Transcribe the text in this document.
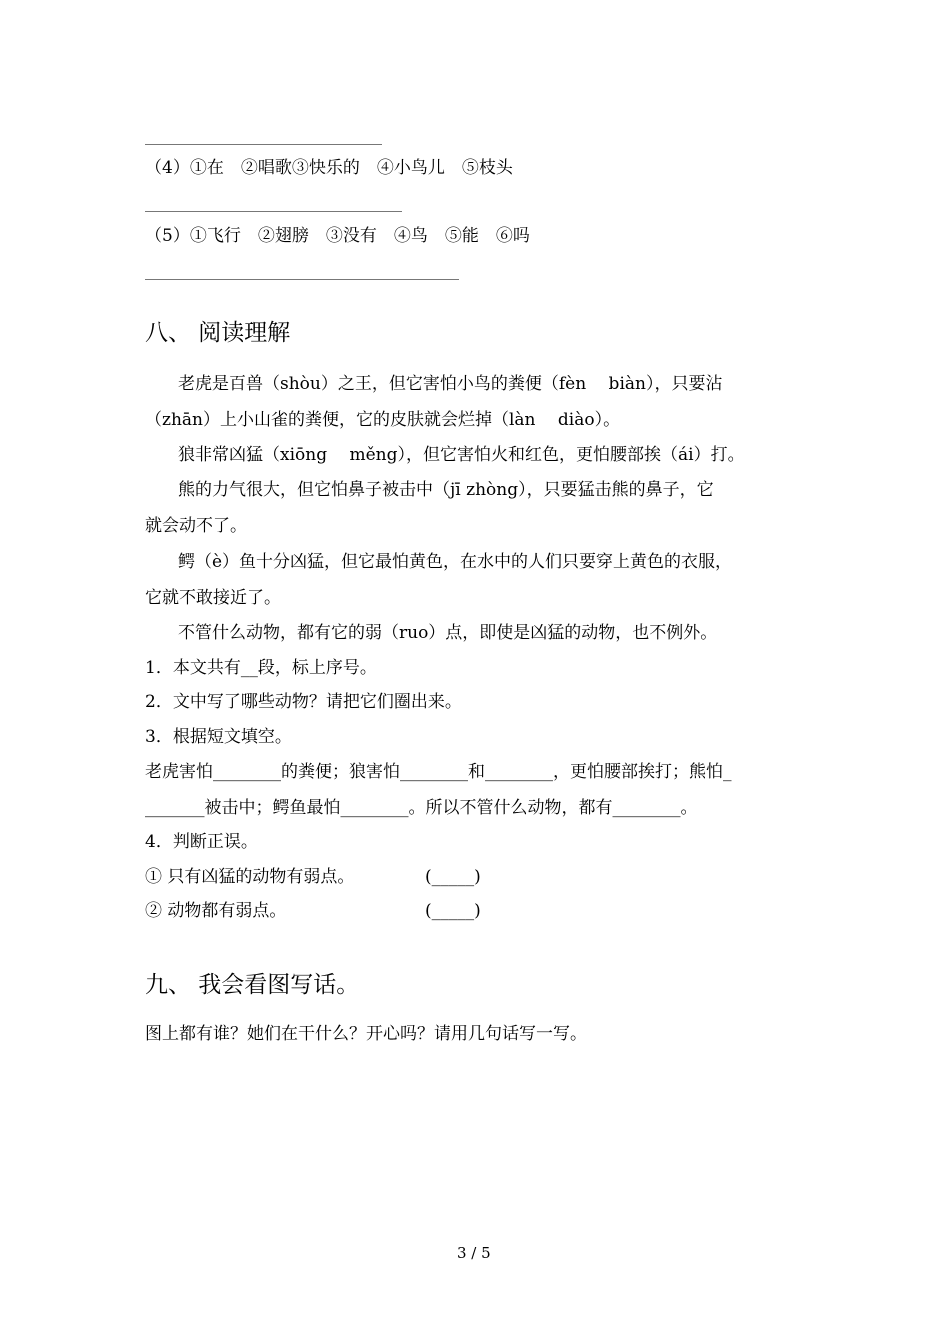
（4）①在　②唱歌③快乐的　④小鸟儿　⑤枝头
（5）①飞行　②翅膀　③没有　④鸟　⑤能　⑥吗
八、 阅读理解
老虎是百兽（shòu）之王，但它害怕小鸟的粪便（fèn　 biàn），只要沾
（zhān）上小山雀的粪便，它的皮肤就会烂掉（làn　 diào）。
狼非常凶猛（xiōng　 měng），但它害怕火和红色，更怕腰部挨（ái）打。
熊的力气很大，但它怕鼻子被击中（jī zhòng），只要猛击熊的鼻子，它
就会动不了。
鳄（è）鱼十分凶猛，但它最怕黄色，在水中的人们只要穿上黄色的衣服，
它就不敢接近了。
不管什么动物，都有它的弱（ruo）点，即使是凶猛的动物，也不例外。
1．本文共有__段，标上序号。
2．文中写了哪些动物？请把它们圈出来。
3．根据短文填空。
老虎害怕________的粪便；狼害怕________和________，更怕腰部挨打；熊怕_
_______被击中；鳄鱼最怕________。所以不管什么动物，都有________。
4．判断正误。
① 只有凶猛的动物有弱点。	(_____)
② 动物都有弱点。	(_____)
九、 我会看图写话。
图上都有谁？她们在干什么？开心吗？请用几句话写一写。
3 / 5
